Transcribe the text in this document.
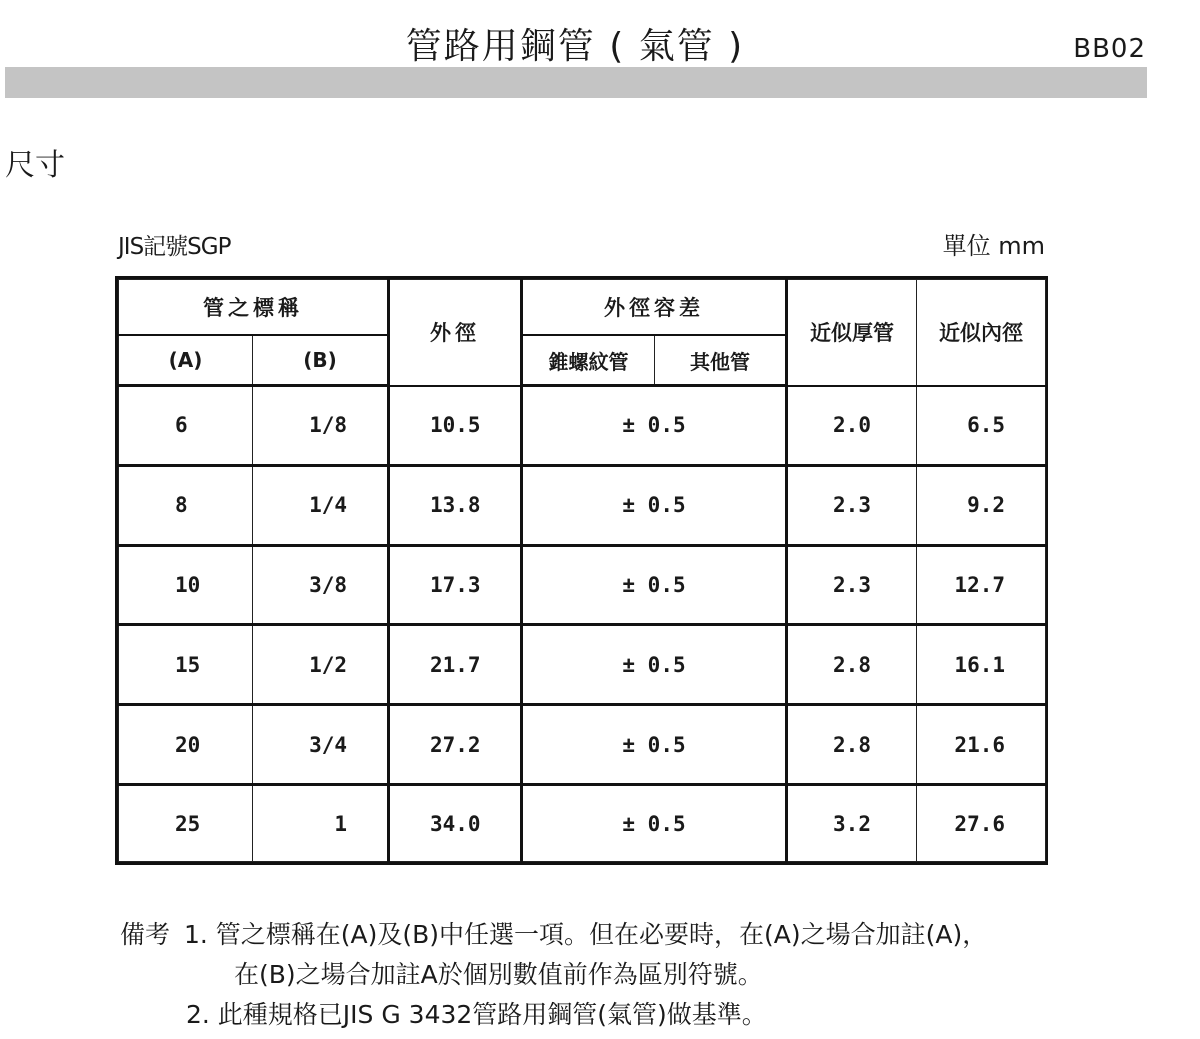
管路用鋼管 ( 氣管 )	BB02
尺寸
JIS記號SGP	單位 mm
管之標稱		外徑	外徑容差		近似厚管	近似內徑
(A)	(B)		錐螺紋管	其他管		
6	1/8	10.5	± 0.5		2.0	6.5
8	1/4	13.8	± 0.5		2.3	9.2
10	3/8	17.3	± 0.5		2.3	12.7
15	1/2	21.7	± 0.5		2.8	16.1
20	3/4	27.2	± 0.5		2.8	21.6
25	1	34.0	± 0.5		3.2	27.6
備考 1. 管之標稱在(A)及(B)中任選一項。但在必要時，在(A)之場合加註(A)，
在(B)之場合加註A於個別數值前作為區別符號。
2. 此種規格已JIS G 3432管路用鋼管(氣管)做基準。
